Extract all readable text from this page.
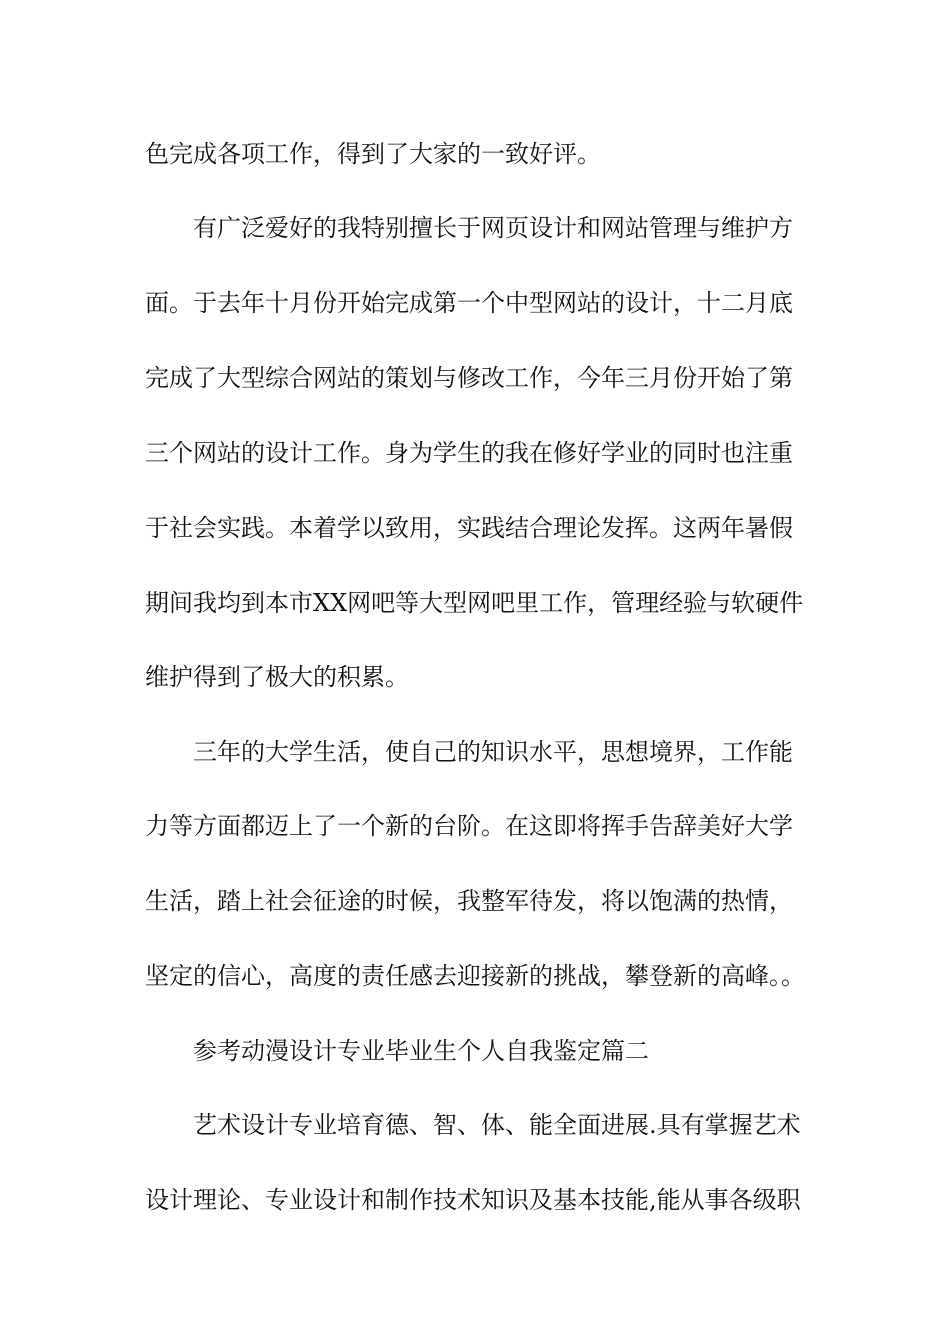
色完成各项工作，得到了大家的一致好评。
有广泛爱好的我特别擅长于网页设计和网站管理与维护方
面。于去年十月份开始完成第一个中型网站的设计，十二月底
完成了大型综合网站的策划与修改工作，今年三月份开始了第
三个网站的设计工作。身为学生的我在修好学业的同时也注重
于社会实践。本着学以致用，实践结合理论发挥。这两年暑假
期间我均到本市XX网吧等大型网吧里工作，管理经验与软硬件
维护得到了极大的积累。
三年的大学生活，使自己的知识水平，思想境界，工作能
力等方面都迈上了一个新的台阶。在这即将挥手告辞美好大学
生活，踏上社会征途的时候，我整军待发，将以饱满的热情，
坚定的信心，高度的责任感去迎接新的挑战，攀登新的高峰。。
参考动漫设计专业毕业生个人自我鉴定篇二
艺术设计专业培育德、智、体、能全面进展.具有掌握艺术
设计理论、专业设计和制作技术知识及基本技能,能从事各级职
